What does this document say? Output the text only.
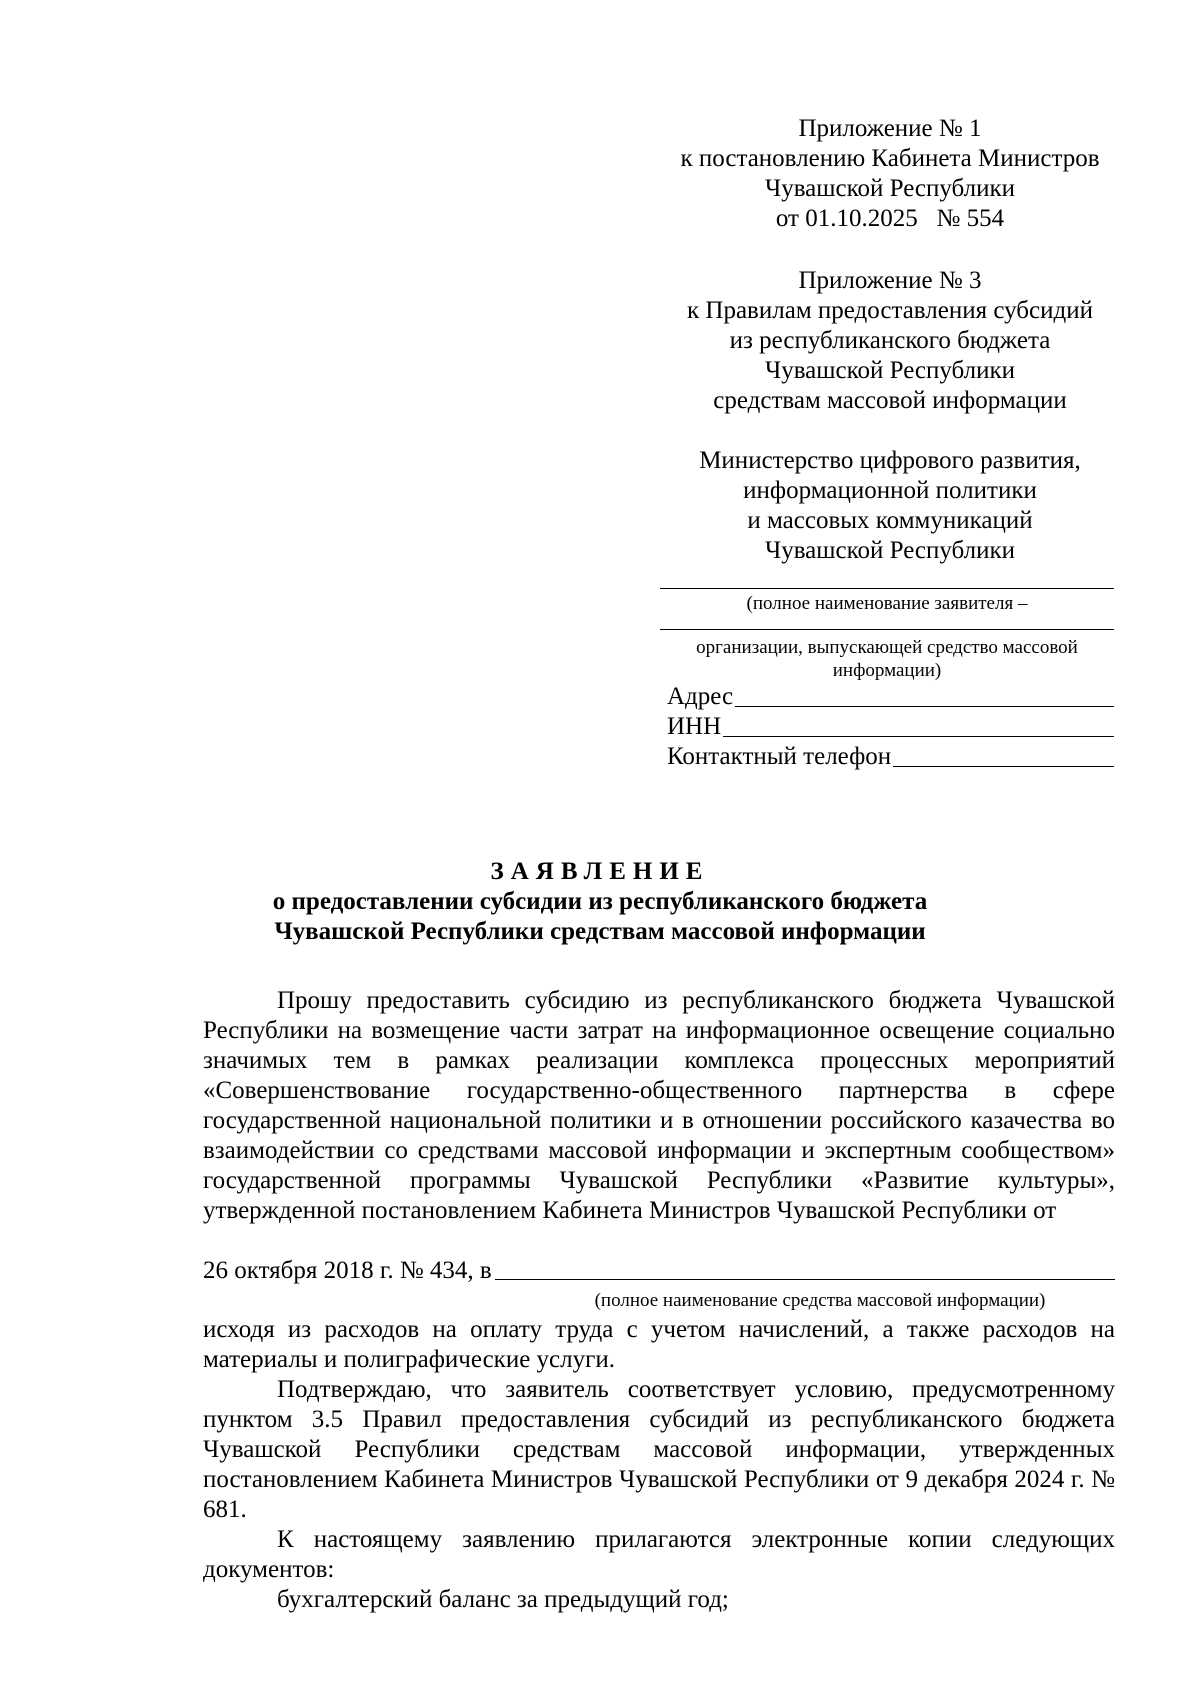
Приложение № 1

к постановлению Кабинета Министров

Чувашской Республики

от 01.10.2025   № 554

Приложение № 3

к Правилам предоставления субсидий

из республиканского бюджета

Чувашской Республики

средствам массовой информации

Министерство цифрового развития,

информационной политики

и массовых коммуникаций

Чувашской Республики

(полное наименование заявителя –
организации, выпускающей средство массовой
информации)
Адрес
ИНН
Контактный телефон
ЗАЯВЛЕНИЕ
о предоставлении субсидии из республиканского бюджета
Чувашской Республики средствам массовой информации

Прошу предоставить субсидию из республиканского бюджета Чувашской Республики на возмещение части затрат на информационное освещение социально значимых тем в рамках реализации комплекса процессных мероприятий «Совершенствование государственно-общественного партнерства в сфере государственной национальной политики и в отношении российского казачества во взаимодействии со средствами массовой информации и экспертным сообществом» государственной программы Чувашской Республики «Развитие культуры», утвержденной постановлением Кабинета Министров Чувашской Республики от

26 октября 2018 г. № 434, в
(полное наименование средства массовой информации)

исходя из расходов на оплату труда с учетом начислений, а также расходов на материалы и полиграфические услуги.

Подтверждаю, что заявитель соответствует условию, предусмотренному пунктом 3.5 Правил предоставления субсидий из республиканского бюджета Чувашской Республики средствам массовой информации, утвержденных постановлением Кабинета Министров Чувашской Республики от 9 декабря 2024 г. № 681.

К настоящему заявлению прилагаются электронные копии следующих документов:

бухгалтерский баланс за предыдущий год;
